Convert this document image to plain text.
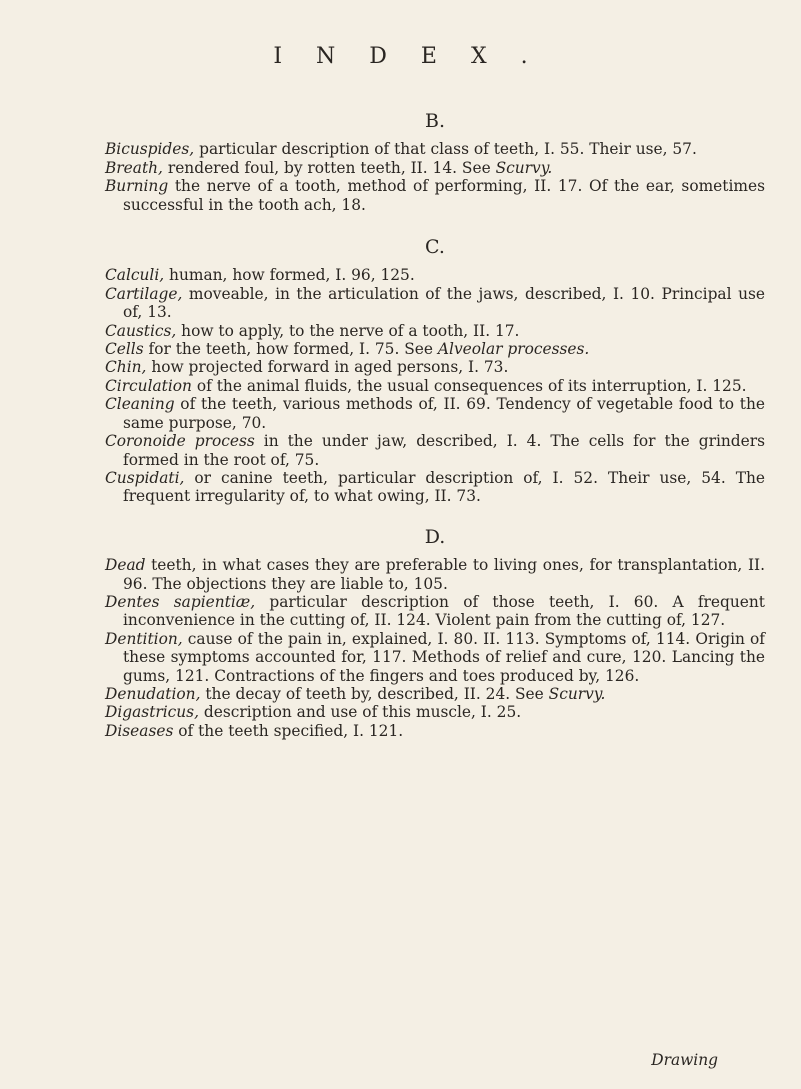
INDEX.

B.

Bicuspides, particular description of that class of teeth, I. 55. Their use, 57.

Breath, rendered foul, by rotten teeth, II. 14. See Scurvy.

Burning the nerve of a tooth, method of performing, II. 17. Of the ear, sometimes successful in the tooth ach, 18.

C.

Calculi, human, how formed, I. 96, 125.

Cartilage, moveable, in the articulation of the jaws, described, I. 10. Principal use of, 13.

Caustics, how to apply, to the nerve of a tooth, II. 17.

Cells for the teeth, how formed, I. 75. See Alveolar processes.

Chin, how projected forward in aged persons, I. 73.

Circulation of the animal fluids, the usual consequences of its interruption, I. 125.

Cleaning of the teeth, various methods of, II. 69. Tendency of vegetable food to the same purpose, 70.

Coronoide process in the under jaw, described, I. 4. The cells for the grinders formed in the root of, 75.

Cuspidati, or canine teeth, particular description of, I. 52. Their use, 54. The frequent irregularity of, to what owing, II. 73.

D.

Dead teeth, in what cases they are preferable to living ones, for transplantation, II. 96. The objections they are liable to, 105.

Dentes sapientiæ, particular description of those teeth, I. 60. A frequent inconvenience in the cutting of, II. 124. Violent pain from the cutting of, 127.

Dentition, cause of the pain in, explained, I. 80. II. 113. Symptoms of, 114. Origin of these symptoms accounted for, 117. Methods of relief and cure, 120. Lancing the gums, 121. Contractions of the fingers and toes produced by, 126.

Denudation, the decay of teeth by, described, II. 24. See Scurvy.

Digastricus, description and use of this muscle, I. 25.

Diseases of the teeth specified, I. 121.

Drawing
